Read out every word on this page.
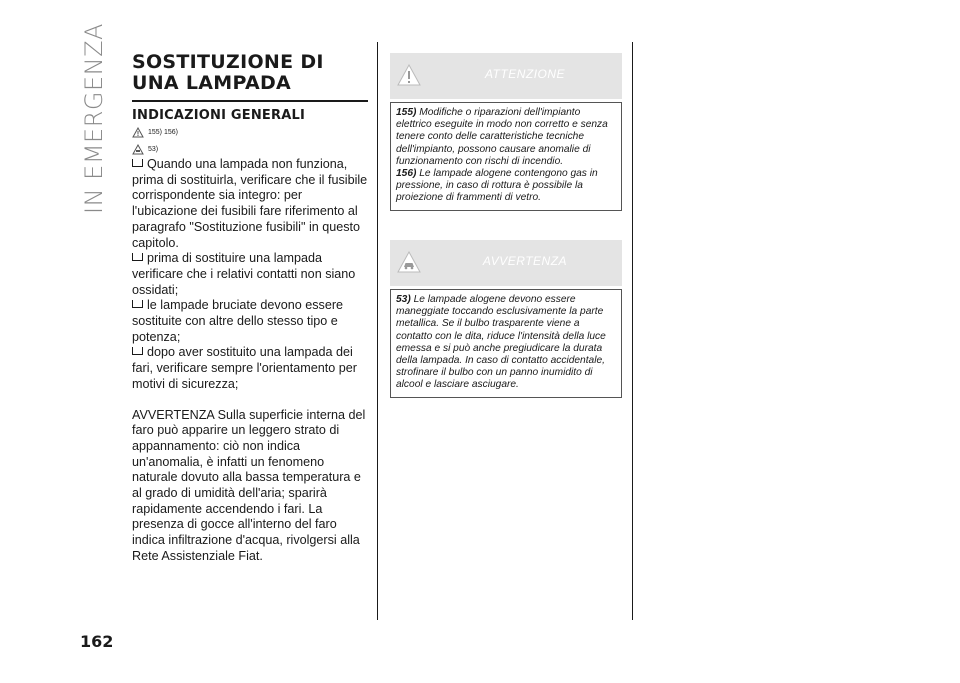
IN EMERGENZA
162
SOSTITUZIONE DI UNA LAMPADA
INDICAZIONI GENERALI
155) 156)
53)

Quando una lampada non funziona, prima di sostituirla, verificare che il fusibile corrispondente sia integro: per l'ubicazione dei fusibili fare riferimento al paragrafo "Sostituzione fusibili" in questo capitolo.

prima di sostituire una lampada verificare che i relativi contatti non siano ossidati;

le lampade bruciate devono essere sostituite con altre dello stesso tipo e potenza;

dopo aver sostituito una lampada dei fari, verificare sempre l'orientamento per motivi di sicurezza;

AVVERTENZA Sulla superficie interna del faro può apparire un leggero strato di appannamento: ciò non indica un'anomalia, è infatti un fenomeno naturale dovuto alla bassa temperatura e al grado di umidità dell'aria; sparirà rapidamente accendendo i fari. La presenza di gocce all'interno del faro indica infiltrazione d'acqua, rivolgersi alla Rete Assistenziale Fiat.

ATTENZIONE
155) Modifiche o riparazioni dell'impianto elettrico eseguite in modo non corretto e senza tenere conto delle caratteristiche tecniche dell'impianto, possono causare anomalie di funzionamento con rischi di incendio.
156) Le lampade alogene contengono gas in pressione, in caso di rottura è possibile la proiezione di frammenti di vetro.
AVVERTENZA
53) Le lampade alogene devono essere maneggiate toccando esclusivamente la parte metallica. Se il bulbo trasparente viene a contatto con le dita, riduce l'intensità della luce emessa e si può anche pregiudicare la durata della lampada. In caso di contatto accidentale, strofinare il bulbo con un panno inumidito di alcool e lasciare asciugare.
